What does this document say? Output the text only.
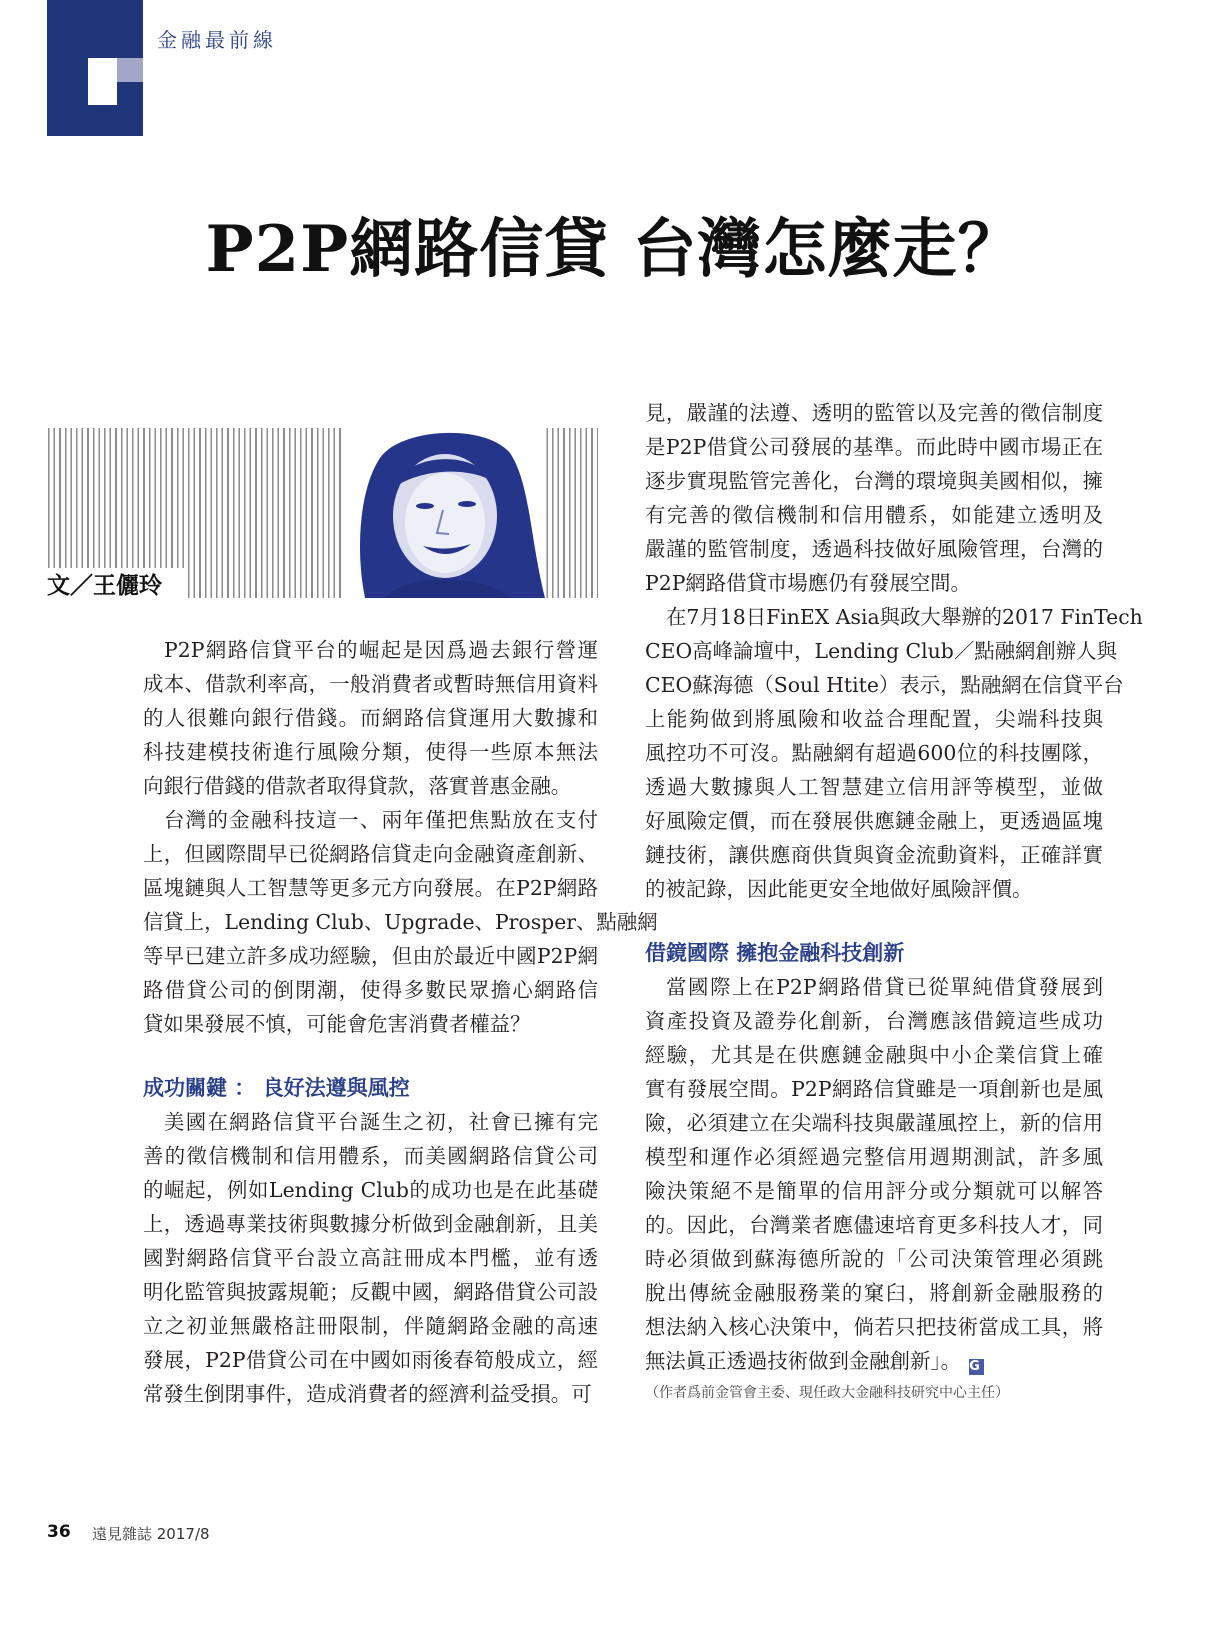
金融最前線
P2P網路信貸 台灣怎麼走？
文／王儷玲
P2P網路信貸平台的崛起是因爲過去銀行營運
成本、借款利率高，一般消費者或暫時無信用資料
的人很難向銀行借錢。而網路信貸運用大數據和
科技建模技術進行風險分類，使得一些原本無法
向銀行借錢的借款者取得貸款，落實普惠金融。
台灣的金融科技這一、兩年僅把焦點放在支付
上，但國際間早已從網路信貸走向金融資產創新、
區塊鏈與人工智慧等更多元方向發展。在P2P網路
信貸上，Lending Club、Upgrade、Prosper、點融網
等早已建立許多成功經驗，但由於最近中國P2P網
路借貸公司的倒閉潮，使得多數民眾擔心網路信
貸如果發展不慎，可能會危害消費者權益？
成功關鍵 ： 良好法遵與風控
美國在網路信貸平台誕生之初，社會已擁有完
善的徵信機制和信用體系，而美國網路信貸公司
的崛起，例如Lending Club的成功也是在此基礎
上，透過專業技術與數據分析做到金融創新，且美
國對網路信貸平台設立高註冊成本門檻，並有透
明化監管與披露規範；反觀中國，網路借貸公司設
立之初並無嚴格註冊限制，伴隨網路金融的高速
發展，P2P借貸公司在中國如雨後春筍般成立，經
常發生倒閉事件，造成消費者的經濟利益受損。可
見，嚴謹的法遵、透明的監管以及完善的徵信制度
是P2P借貸公司發展的基準。而此時中國市場正在
逐步實現監管完善化，台灣的環境與美國相似，擁
有完善的徵信機制和信用體系，如能建立透明及
嚴謹的監管制度，透過科技做好風險管理，台灣的
P2P網路借貸市場應仍有發展空間。
在7月18日FinEX Asia與政大舉辦的2017 FinTech
CEO高峰論壇中，Lending Club／點融網創辦人與
CEO蘇海德（Soul Htite）表示，點融網在信貸平台
上能夠做到將風險和收益合理配置，尖端科技與
風控功不可沒。點融網有超過600位的科技團隊，
透過大數據與人工智慧建立信用評等模型，並做
好風險定價，而在發展供應鏈金融上，更透過區塊
鏈技術，讓供應商供貨與資金流動資料，正確詳實
的被記錄，因此能更安全地做好風險評價。
借鏡國際 擁抱金融科技創新
當國際上在P2P網路借貸已從單純借貸發展到
資產投資及證券化創新，台灣應該借鏡這些成功
經驗，尤其是在供應鏈金融與中小企業信貸上確
實有發展空間。P2P網路信貸雖是一項創新也是風
險，必須建立在尖端科技與嚴謹風控上，新的信用
模型和運作必須經過完整信用週期測試，許多風
險決策絕不是簡單的信用評分或分類就可以解答
的。因此，台灣業者應儘速培育更多科技人才，同
時必須做到蘇海德所說的「公司決策管理必須跳
脫出傳統金融服務業的窠臼，將創新金融服務的
想法納入核心決策中，倘若只把技術當成工具，將
無法眞正透過技術做到金融創新」。 G
（作者爲前金管會主委、現任政大金融科技研究中心主任）
36 遠見雜誌 2017/8
